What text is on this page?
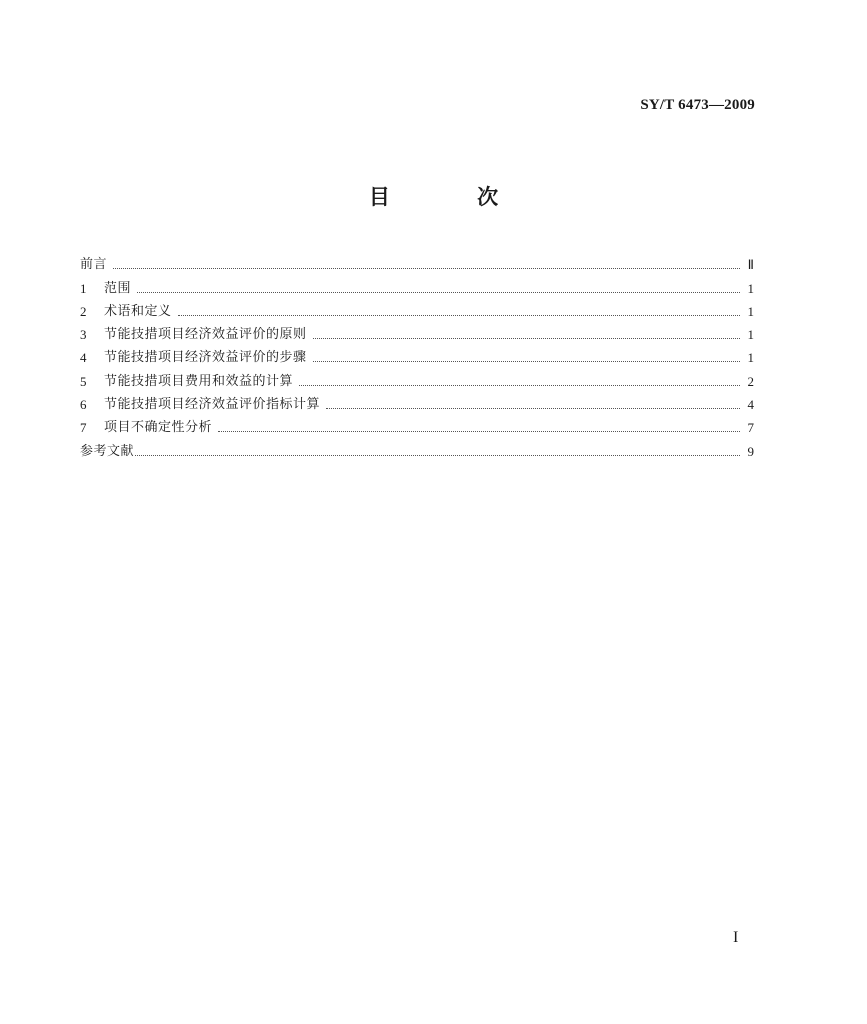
SY/T 6473—2009
目 次
前言	Ⅱ
1	范围	1
2	术语和定义	1
3	节能技措项目经济效益评价的原则	1
4	节能技措项目经济效益评价的步骤	1
5	节能技措项目费用和效益的计算	2
6	节能技措项目经济效益评价指标计算	4
7	项目不确定性分析	7
参考文献	9
I
